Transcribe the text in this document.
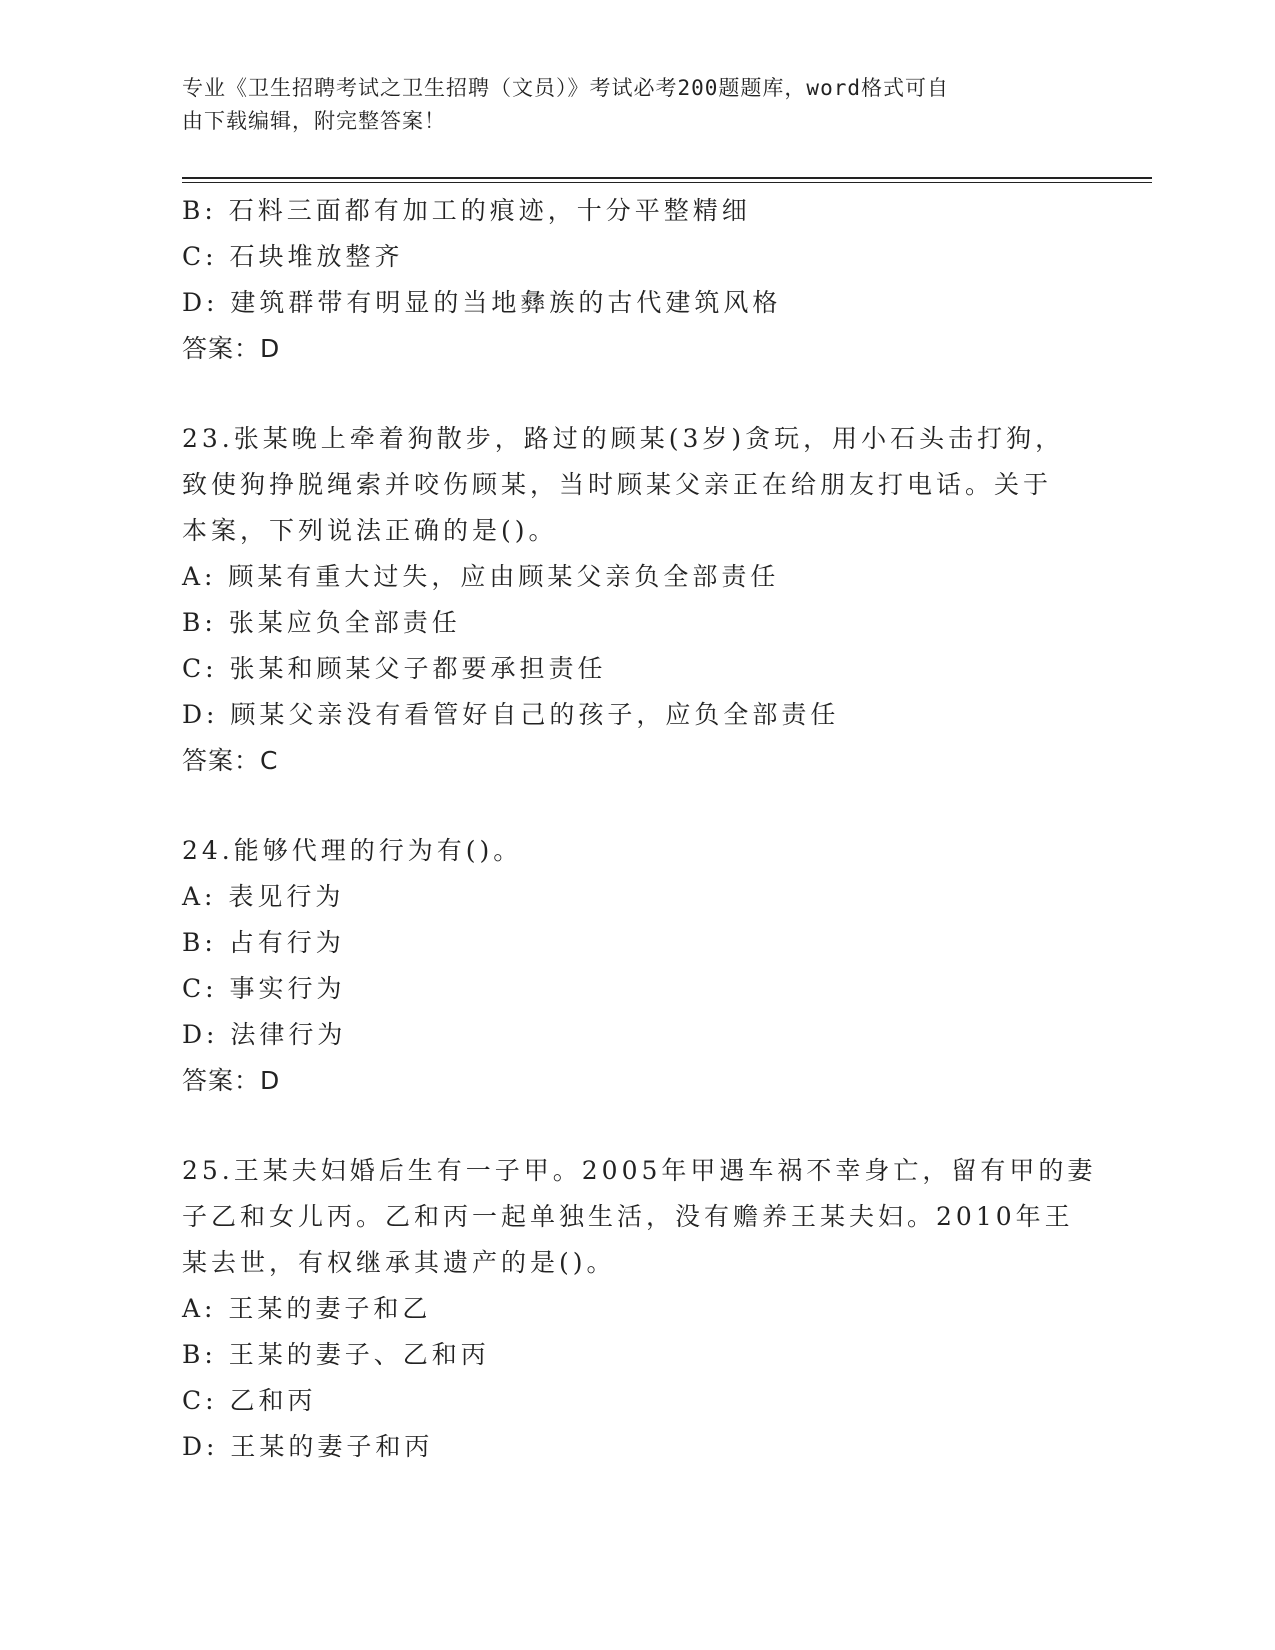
专业《卫生招聘考试之卫生招聘（文员）》考试必考200题题库，word格式可自
由下载编辑，附完整答案！
B: 石料三面都有加工的痕迹，十分平整精细
C: 石块堆放整齐
D: 建筑群带有明显的当地彝族的古代建筑风格
答案：D
23.张某晚上牵着狗散步，路过的顾某(3岁)贪玩，用小石头击打狗，
致使狗挣脱绳索并咬伤顾某，当时顾某父亲正在给朋友打电话。关于
本案，下列说法正确的是()。
A: 顾某有重大过失，应由顾某父亲负全部责任
B: 张某应负全部责任
C: 张某和顾某父子都要承担责任
D: 顾某父亲没有看管好自己的孩子，应负全部责任
答案：C
24.能够代理的行为有()。
A: 表见行为
B: 占有行为
C: 事实行为
D: 法律行为
答案：D
25.王某夫妇婚后生有一子甲。2005年甲遇车祸不幸身亡，留有甲的妻
子乙和女儿丙。乙和丙一起单独生活，没有赡养王某夫妇。2010年王
某去世，有权继承其遗产的是()。
A: 王某的妻子和乙
B: 王某的妻子、乙和丙
C: 乙和丙
D: 王某的妻子和丙
